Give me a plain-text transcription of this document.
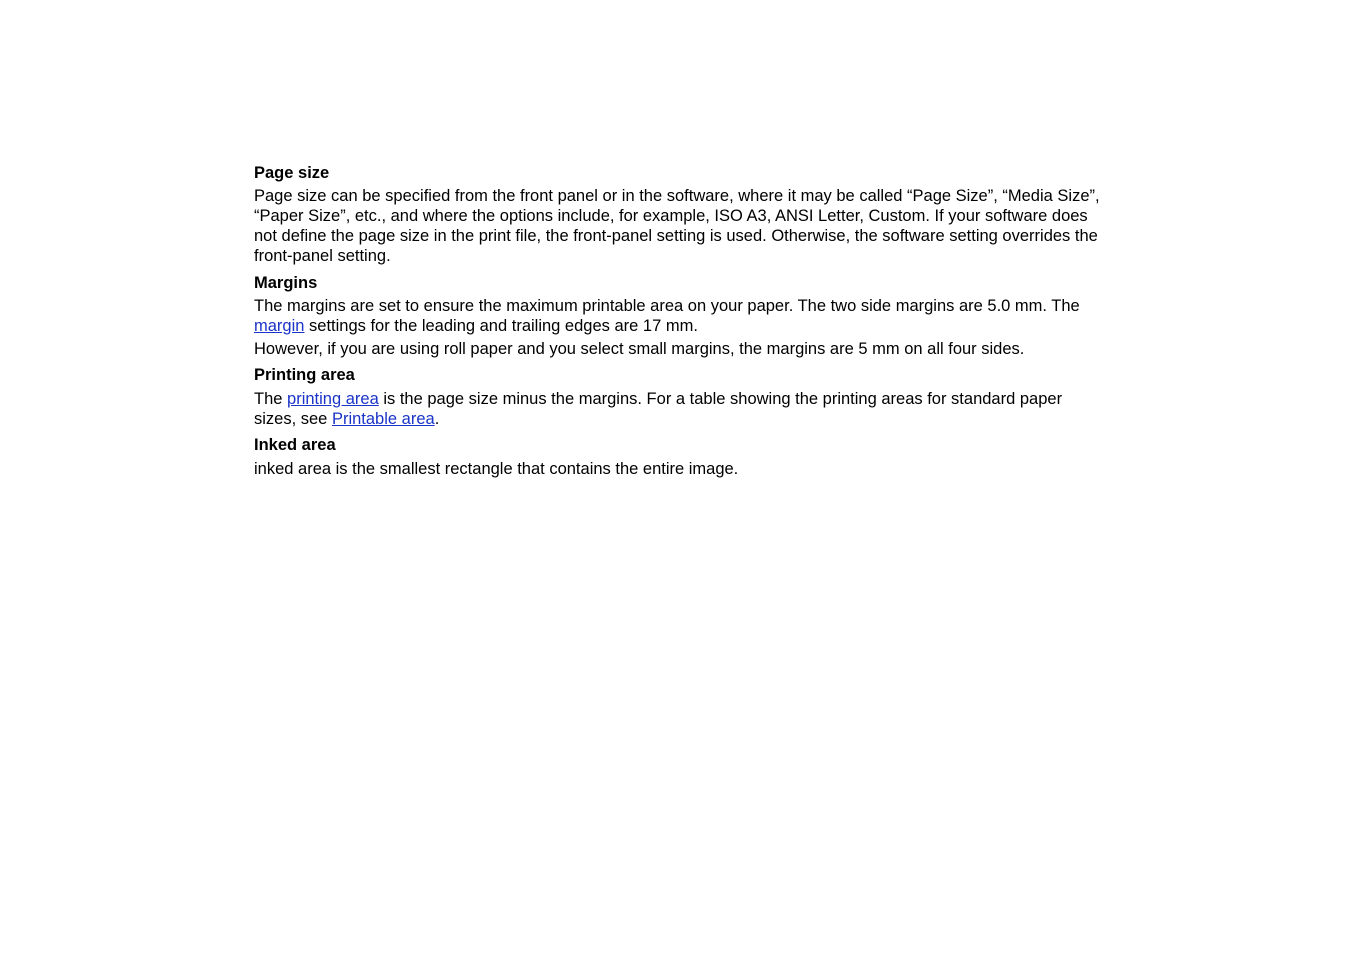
Page size

Page size can be specified from the front panel or in the software, where it may be called “Page Size”, “Media Size”, “Paper Size”, etc., and where the options include, for example, ISO A3, ANSI Letter, Custom. If your software does not define the page size in the print file, the front-panel setting is used. Otherwise, the software setting overrides the front-panel setting.

Margins

The margins are set to ensure the maximum printable area on your paper. The two side margins are 5.0 mm. The margin settings for the leading and trailing edges are 17 mm.

However, if you are using roll paper and you select small margins, the margins are 5 mm on all four sides.

Printing area

The printing area is the page size minus the margins. For a table showing the printing areas for standard paper sizes, see Printable area.

Inked area

inked area is the smallest rectangle that contains the entire image.
